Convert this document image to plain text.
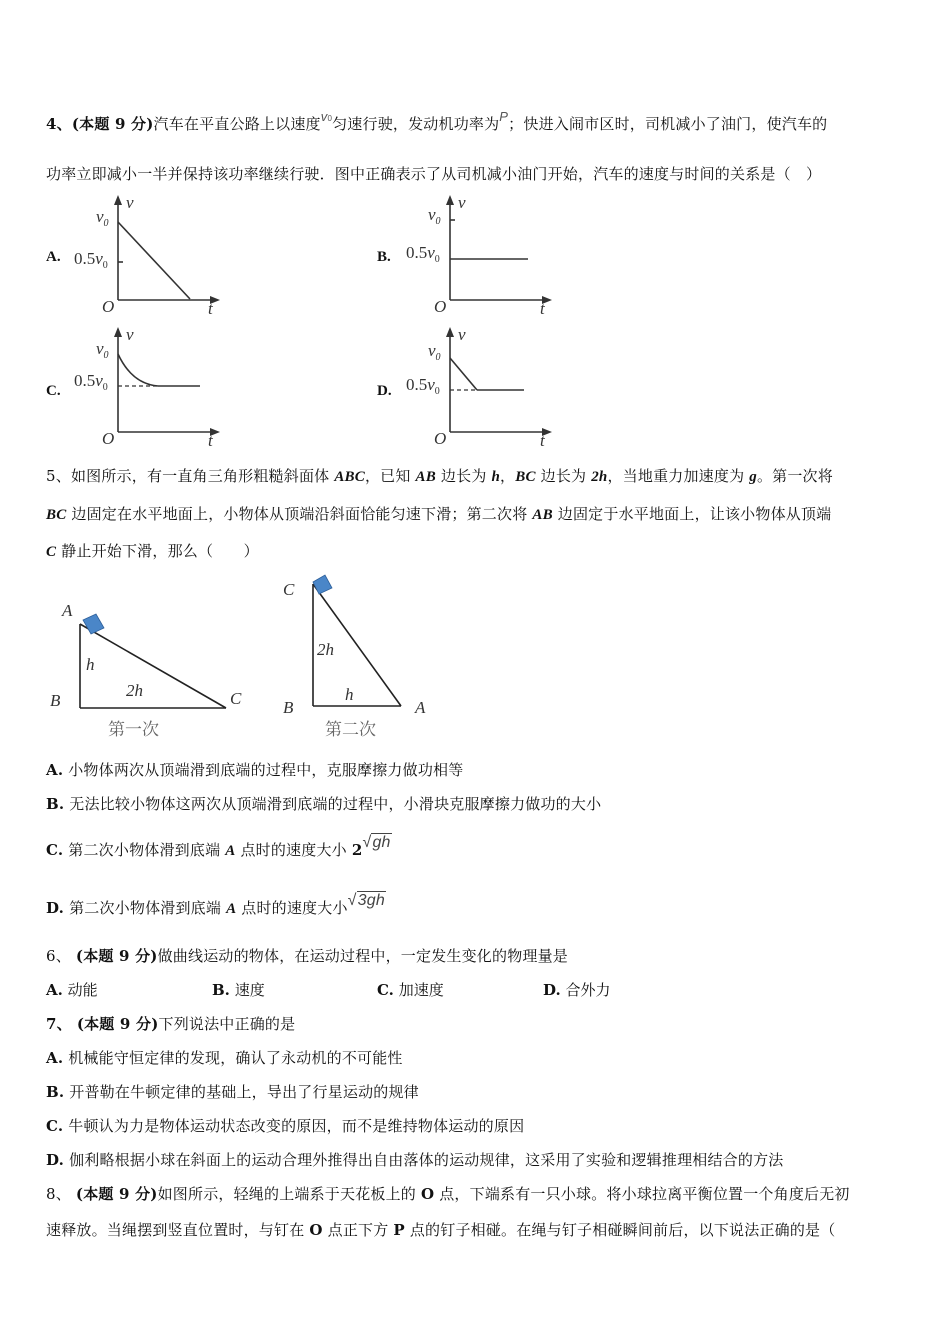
4、(本题 9 分)汽车在平直公路上以速度v0匀速行驶，发动机功率为P；快进入闹市区时，司机减小了油门，使汽车的
功率立即减小一半并保持该功率继续行驶．图中正确表示了从司机减小油门开始，汽车的速度与时间的关系是（　）
A.	B.
C.	D.
v
$v_0$
$0.5v_0$
O	t
v
$v_0$
$0.5v_0$
O	t
v
$v_0$
$0.5v_0$
O	t
v
$v_0$
$0.5v_0$
O	t
5、如图所示，有一直角三角形粗糙斜面体 ABC，已知 AB 边长为 h，BC 边长为 2h，当地重力加速度为 g。第一次将
BC 边固定在水平地面上，小物体从顶端沿斜面恰能匀速下滑；第二次将 AB 边固定于水平地面上，让该小物体从顶端
C 静止开始下滑，那么（　　）
A
B	C
h
2h
第一次
C
B	A
2h
h
第二次
A. 小物体两次从顶端滑到底端的过程中，克服摩擦力做功相等
B. 无法比较小物体这两次从顶端滑到底端的过程中，小滑块克服摩擦力做功的大小
C. 第二次小物体滑到底端 A 点时的速度大小 2√gh
D. 第二次小物体滑到底端 A 点时的速度大小√3gh
6、 (本题 9 分)做曲线运动的物体，在运动过程中，一定发生变化的物理量是
A. 动能	B. 速度	C. 加速度	D. 合外力
7、 (本题 9 分)下列说法中正确的是
A. 机械能守恒定律的发现，确认了永动机的不可能性
B. 开普勒在牛顿定律的基础上，导出了行星运动的规律
C. 牛顿认为力是物体运动状态改变的原因，而不是维持物体运动的原因
D. 伽利略根据小球在斜面上的运动合理外推得出自由落体的运动规律，这采用了实验和逻辑推理相结合的方法
8、 (本题 9 分)如图所示，轻绳的上端系于天花板上的 O 点，下端系有一只小球。将小球拉离平衡位置一个角度后无初
速释放。当绳摆到竖直位置时，与钉在 O 点正下方 P 点的钉子相碰。在绳与钉子相碰瞬间前后，以下说法正确的是（
